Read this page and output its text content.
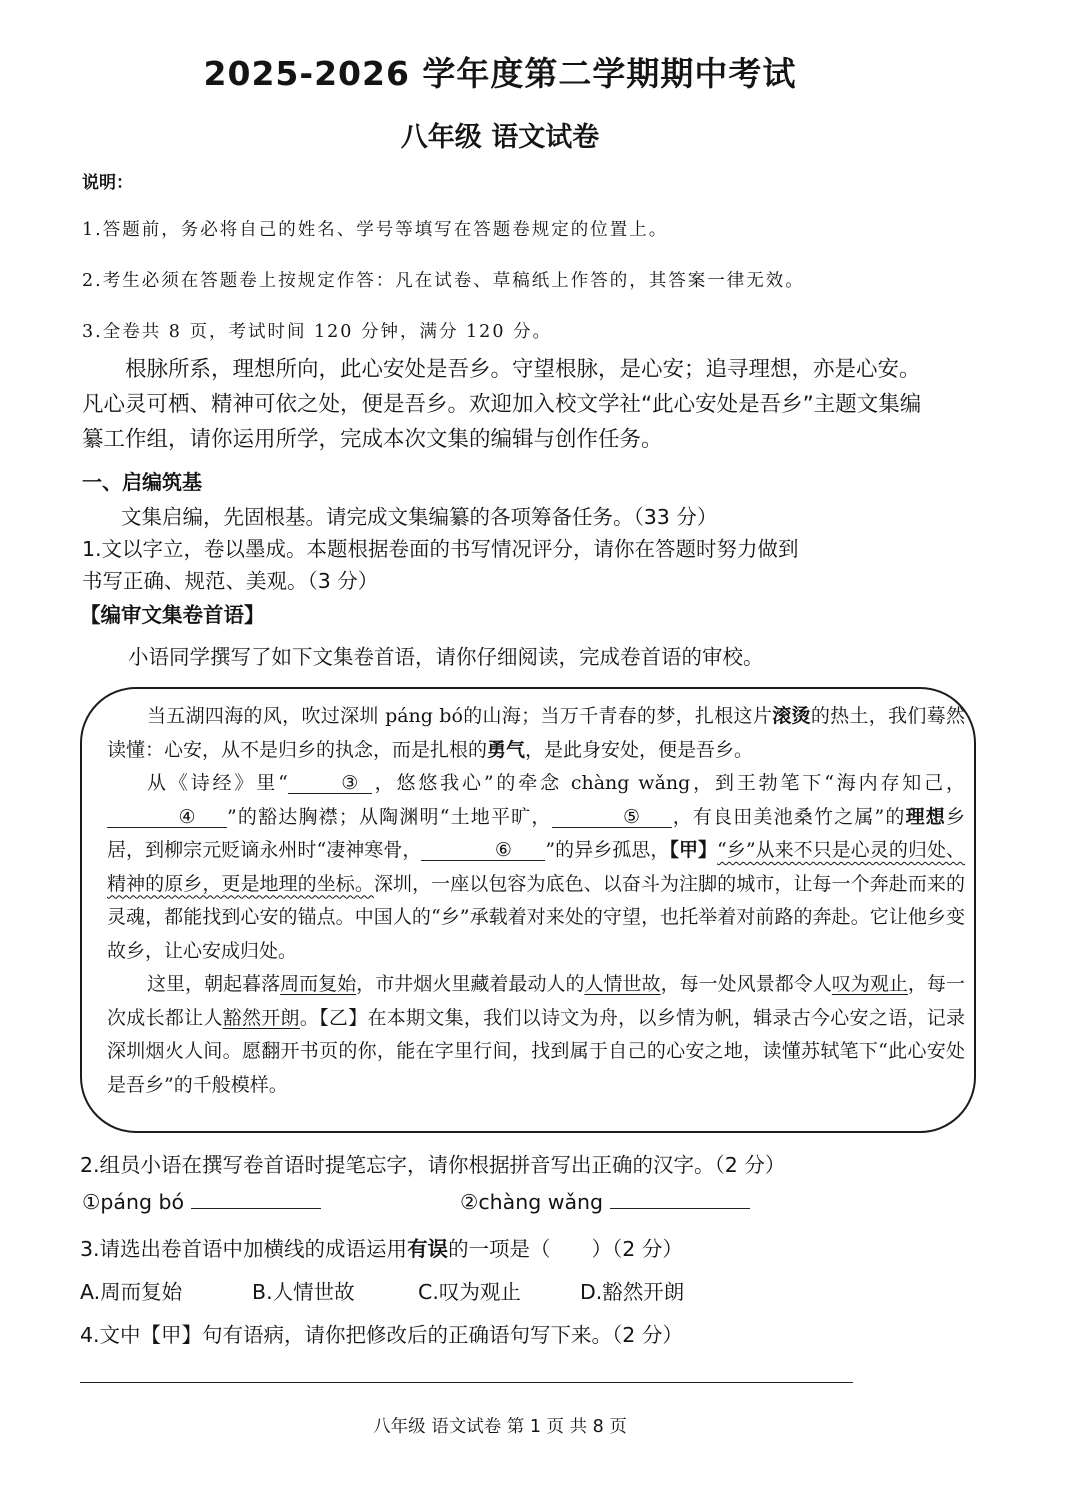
2025-2026 学年度第二学期期中考试
八年级 语文试卷
说明：
1.答题前，务必将自己的姓名、学号等填写在答题卷规定的位置上。
2.考生必须在答题卷上按规定作答：凡在试卷、草稿纸上作答的，其答案一律无效。
3.全卷共 8 页，考试时间 120 分钟，满分 120 分。
根脉所系，理想所向，此心安处是吾乡。守望根脉，是心安；追寻理想，亦是心安。凡心灵可栖、精神可依之处，便是吾乡。欢迎加入校文学社“此心安处是吾乡”主题文集编纂工作组，请你运用所学，完成本次文集的编辑与创作任务。
一、启编筑基
文集启编，先固根基。请完成文集编纂的各项筹备任务。（33 分）
1.文以字立，卷以墨成。本题根据卷面的书写情况评分，请你在答题时努力做到
书写正确、规范、美观。（3 分）
【编审文集卷首语】
小语同学撰写了如下文集卷首语，请你仔细阅读，完成卷首语的审校。

当五湖四海的风，吹过深圳 páng bó的山海；当万千青春的梦，扎根这片滚烫的热土，我们蓦然读懂：心安，从不是归乡的执念，而是扎根的勇气，是此身安处，便是吾乡。

从《诗经》里“	③ ，悠悠我心”的牵念 chàng wǎng，到王勃笔下“海内存知己，④ ”的豁达胸襟；从陶渊明“土地平旷，	⑤ ，有良田美池桑竹之属”的理想乡居，到柳宗元贬谪永州时“凄神寒骨，	⑥ ”的异乡孤思，【甲】“乡”从来不只是心灵的归处、精神的原乡，更是地理的坐标。深圳，一座以包容为底色、以奋斗为注脚的城市，让每一个奔赴而来的灵魂，都能找到心安的锚点。中国人的“乡”承载着对来处的守望，也托举着对前路的奔赴。它让他乡变故乡，让心安成归处。

这里，朝起暮落周而复始，市井烟火里藏着最动人的人情世故，每一处风景都令人叹为观止，每一次成长都让人豁然开朗。【乙】在本期文集，我们以诗文为舟，以乡情为帆，辑录古今心安之语，记录深圳烟火人间。愿翻开书页的你，能在字里行间，找到属于自己的心安之地，读懂苏轼笔下“此心安处是吾乡”的千般模样。

2.组员小语在撰写卷首语时提笔忘字，请你根据拼音写出正确的汉字。（2 分）
①páng bó	②chàng wǎng
3.请选出卷首语中加横线的成语运用有误的一项是（　　）（2 分）
A.周而复始	B.人情世故	C.叹为观止	D.豁然开朗
4.文中【甲】句有语病，请你把修改后的正确语句写下来。（2 分）
八年级 语文试卷 第 1 页 共 8 页
